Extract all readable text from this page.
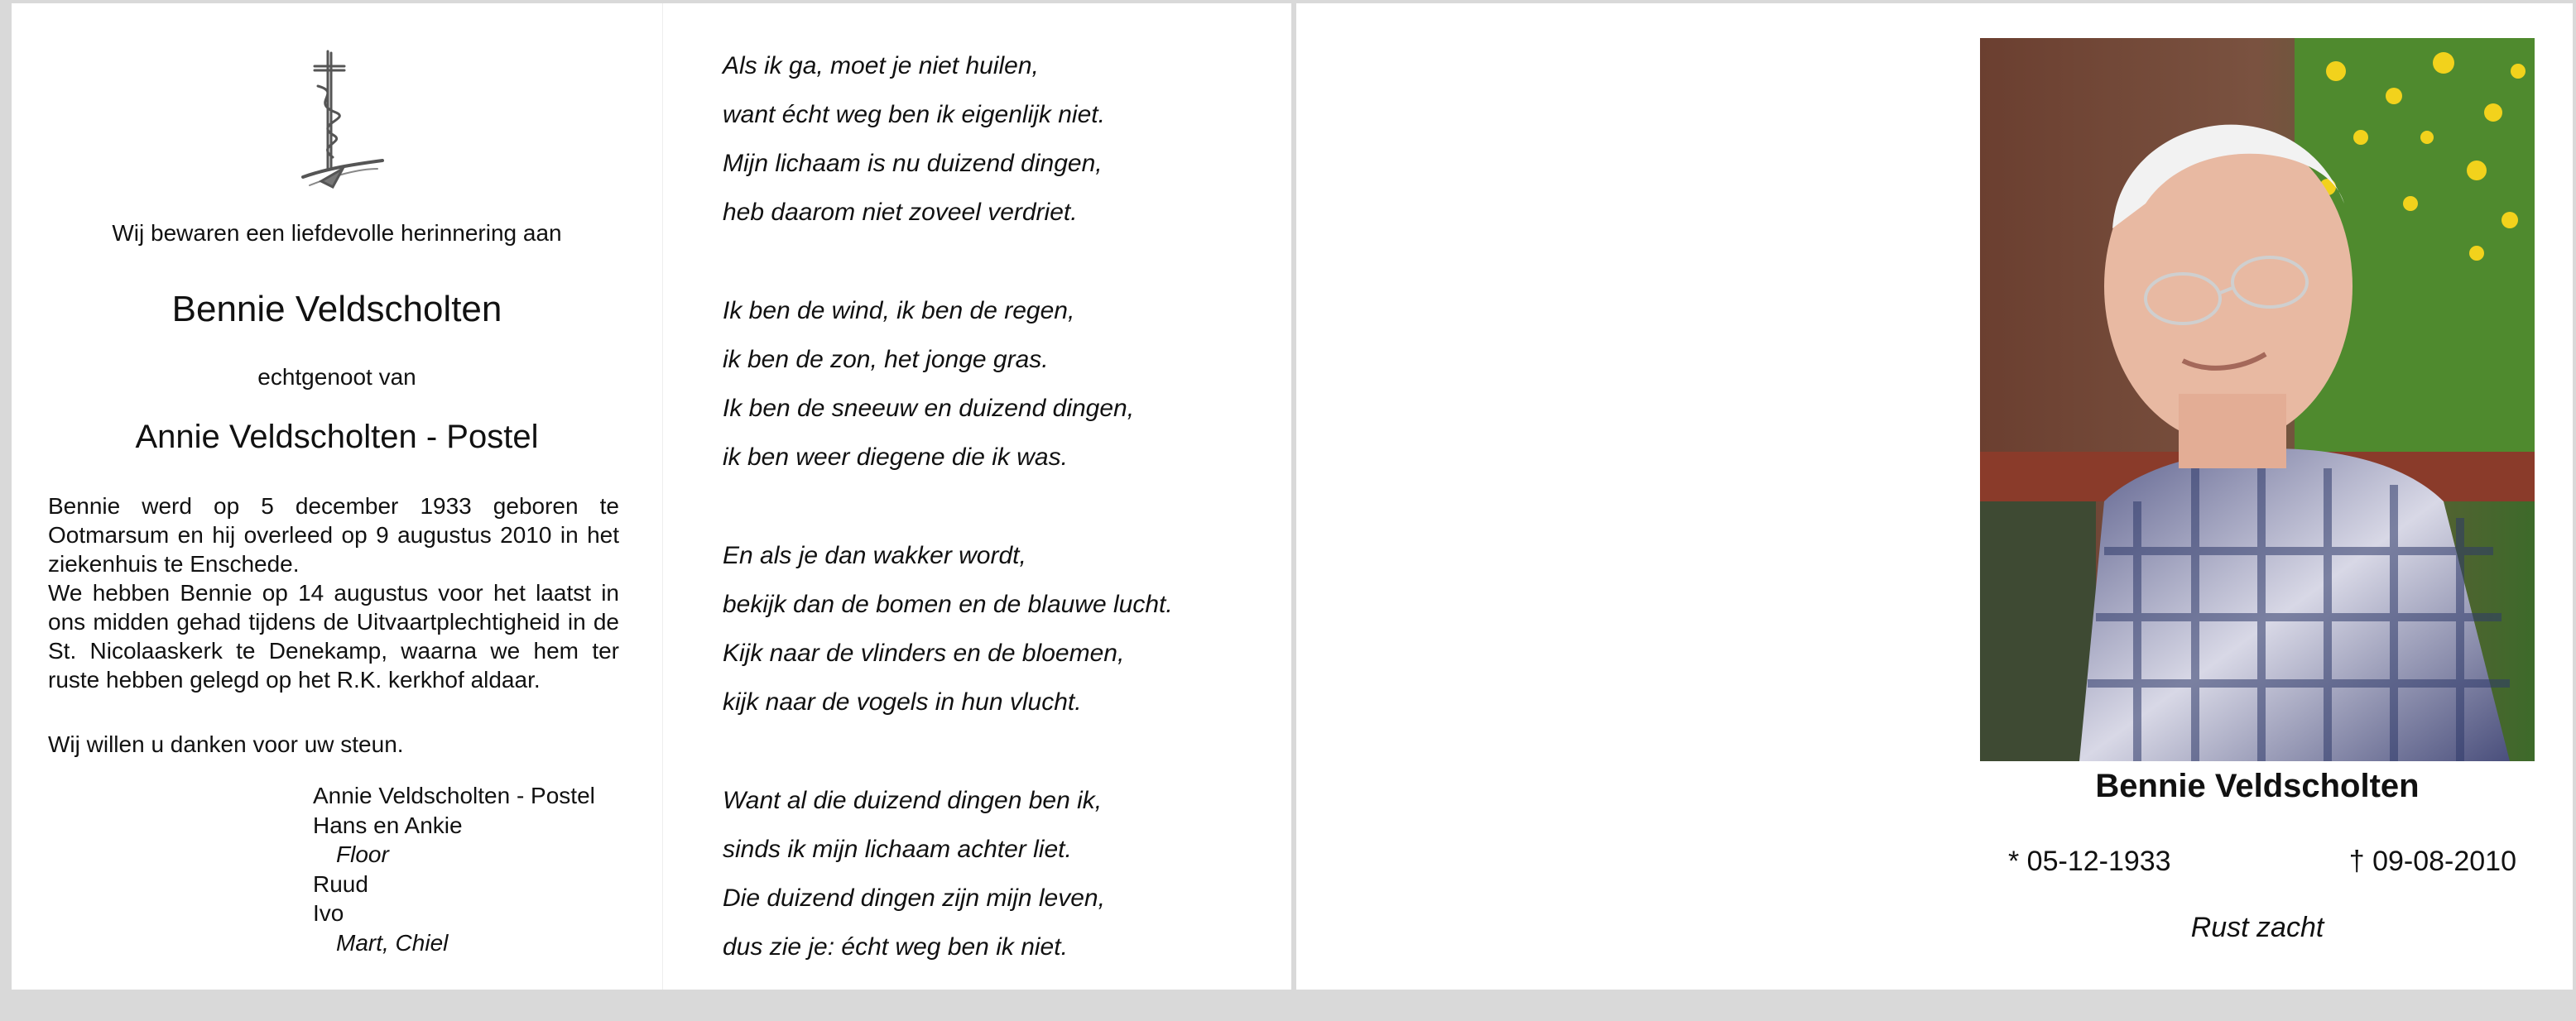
Wij bewaren een liefdevolle herinnering aan
Bennie Veldscholten
echtgenoot van
Annie Veldscholten - Postel

Bennie werd op 5 december 1933 geboren te Ootmarsum en hij overleed op 9 augustus 2010 in het ziekenhuis te Enschede.

We hebben Bennie op 14 augustus voor het laatst in ons midden gehad tijdens de Uitvaartplechtigheid in de St. Nicolaaskerk te Denekamp, waarna we hem ter ruste hebben gelegd op het R.K. kerkhof aldaar.

Wij willen u danken voor uw steun.
Annie Veldscholten - Postel
Hans en Ankie
Floor
Ruud
Ivo
Mart, Chiel
Als ik ga, moet je niet huilen,
want écht weg ben ik eigenlijk niet.
Mijn lichaam is nu duizend dingen,
heb daarom niet zoveel verdriet.
Ik ben de wind, ik ben de regen,
ik ben de zon, het jonge gras.
Ik ben de sneeuw en duizend dingen,
ik ben weer diegene die ik was.
En als je dan wakker wordt,
bekijk dan de bomen en de blauwe lucht.
Kijk naar de vlinders en de bloemen,
kijk naar de vogels in hun vlucht.
Want al die duizend dingen ben ik,
sinds ik mijn lichaam achter liet.
Die duizend dingen zijn mijn leven,
dus zie je: écht weg ben ik niet.
Bennie Veldscholten
* 05-12-1933	† 09-08-2010
Rust zacht
